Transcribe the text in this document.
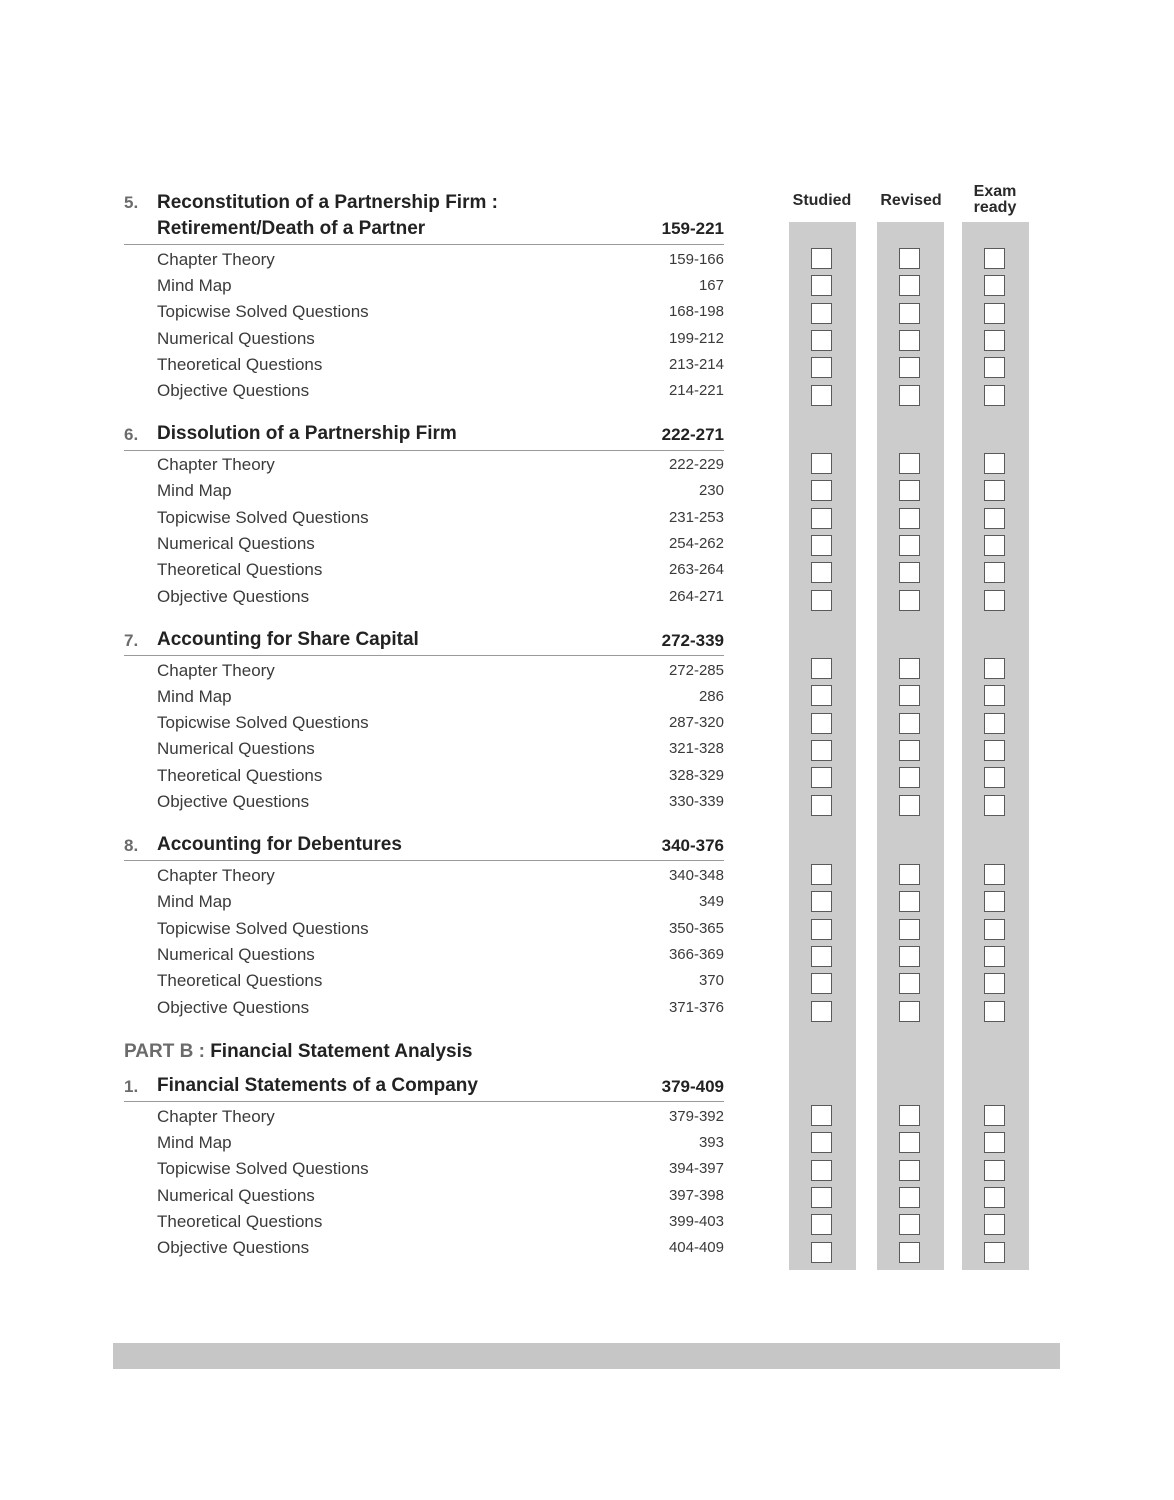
Studied	Revised
Exam
ready
5. Reconstitution of a Partnership Firm :
Retirement/Death of a Partner	159-221
Chapter Theory	159-166
Mind Map	167
Topicwise Solved Questions	168-198
Numerical Questions	199-212
Theoretical Questions	213-214
Objective Questions	214-221
6. Dissolution of a Partnership Firm	222-271
Chapter Theory	222-229
Mind Map	230
Topicwise Solved Questions	231-253
Numerical Questions	254-262
Theoretical Questions	263-264
Objective Questions	264-271
7. Accounting for Share Capital	272-339
Chapter Theory	272-285
Mind Map	286
Topicwise Solved Questions	287-320
Numerical Questions	321-328
Theoretical Questions	328-329
Objective Questions	330-339
8. Accounting for Debentures	340-376
Chapter Theory	340-348
Mind Map	349
Topicwise Solved Questions	350-365
Numerical Questions	366-369
Theoretical Questions	370
Objective Questions	371-376
PART B : Financial Statement Analysis
1. Financial Statements of a Company	379-409
Chapter Theory	379-392
Mind Map	393
Topicwise Solved Questions	394-397
Numerical Questions	397-398
Theoretical Questions	399-403
Objective Questions	404-409
